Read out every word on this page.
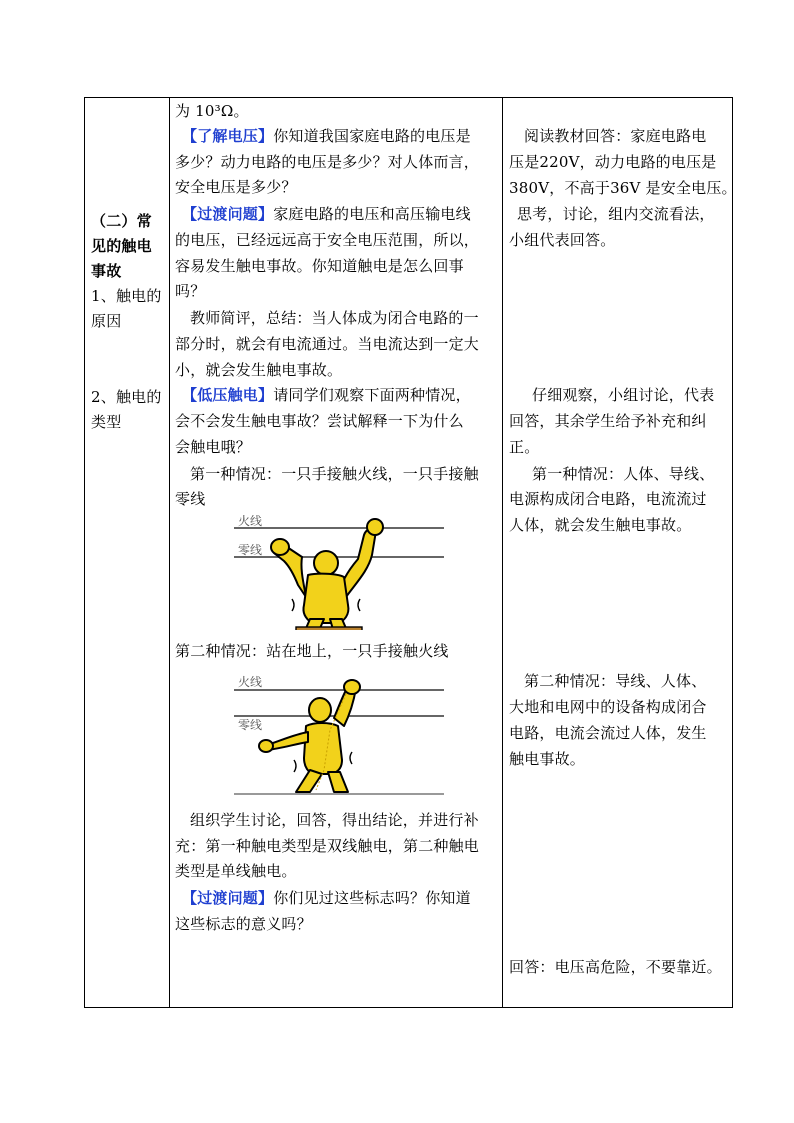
（二）常
见的触电
事故
1、触电的
原因
2、触电的
类型

为 10³Ω。
【了解电压】你知道我国家庭电路的电压是
多少？动力电路的电压是多少？对人体而言，
安全电压是多少？
【过渡问题】家庭电路的电压和高压输电线
的电压，已经远远高于安全电压范围，所以，
容易发生触电事故。你知道触电是怎么回事
吗？
教师简评，总结：当人体成为闭合电路的一
部分时，就会有电流通过。当电流达到一定大
小，就会发生触电事故。
【低压触电】请同学们观察下面两种情况，
会不会发生触电事故？尝试解释一下为什么
会触电哦？
第一种情况：一只手接触火线，一只手接触
零线
火线
零线
第二种情况：站在地上，一只手接触火线
火线
零线
组织学生讨论，回答，得出结论，并进行补
充：第一种触电类型是双线触电，第二种触电
类型是单线触电。
【过渡问题】你们见过这些标志吗？你知道
这些标志的意义吗？

阅读教材回答：家庭电路电
压是220V，动力电路的电压是
380V，不高于36V 是安全电压。
思考，讨论，组内交流看法，
小组代表回答。
仔细观察，小组讨论，代表
回答，其余学生给予补充和纠
正。
第一种情况：人体、导线、
电源构成闭合电路，电流流过
人体，就会发生触电事故。
第二种情况：导线、人体、
大地和电网中的设备构成闭合
电路，电流会流过人体，发生
触电事故。
回答：电压高危险，不要靠近。
